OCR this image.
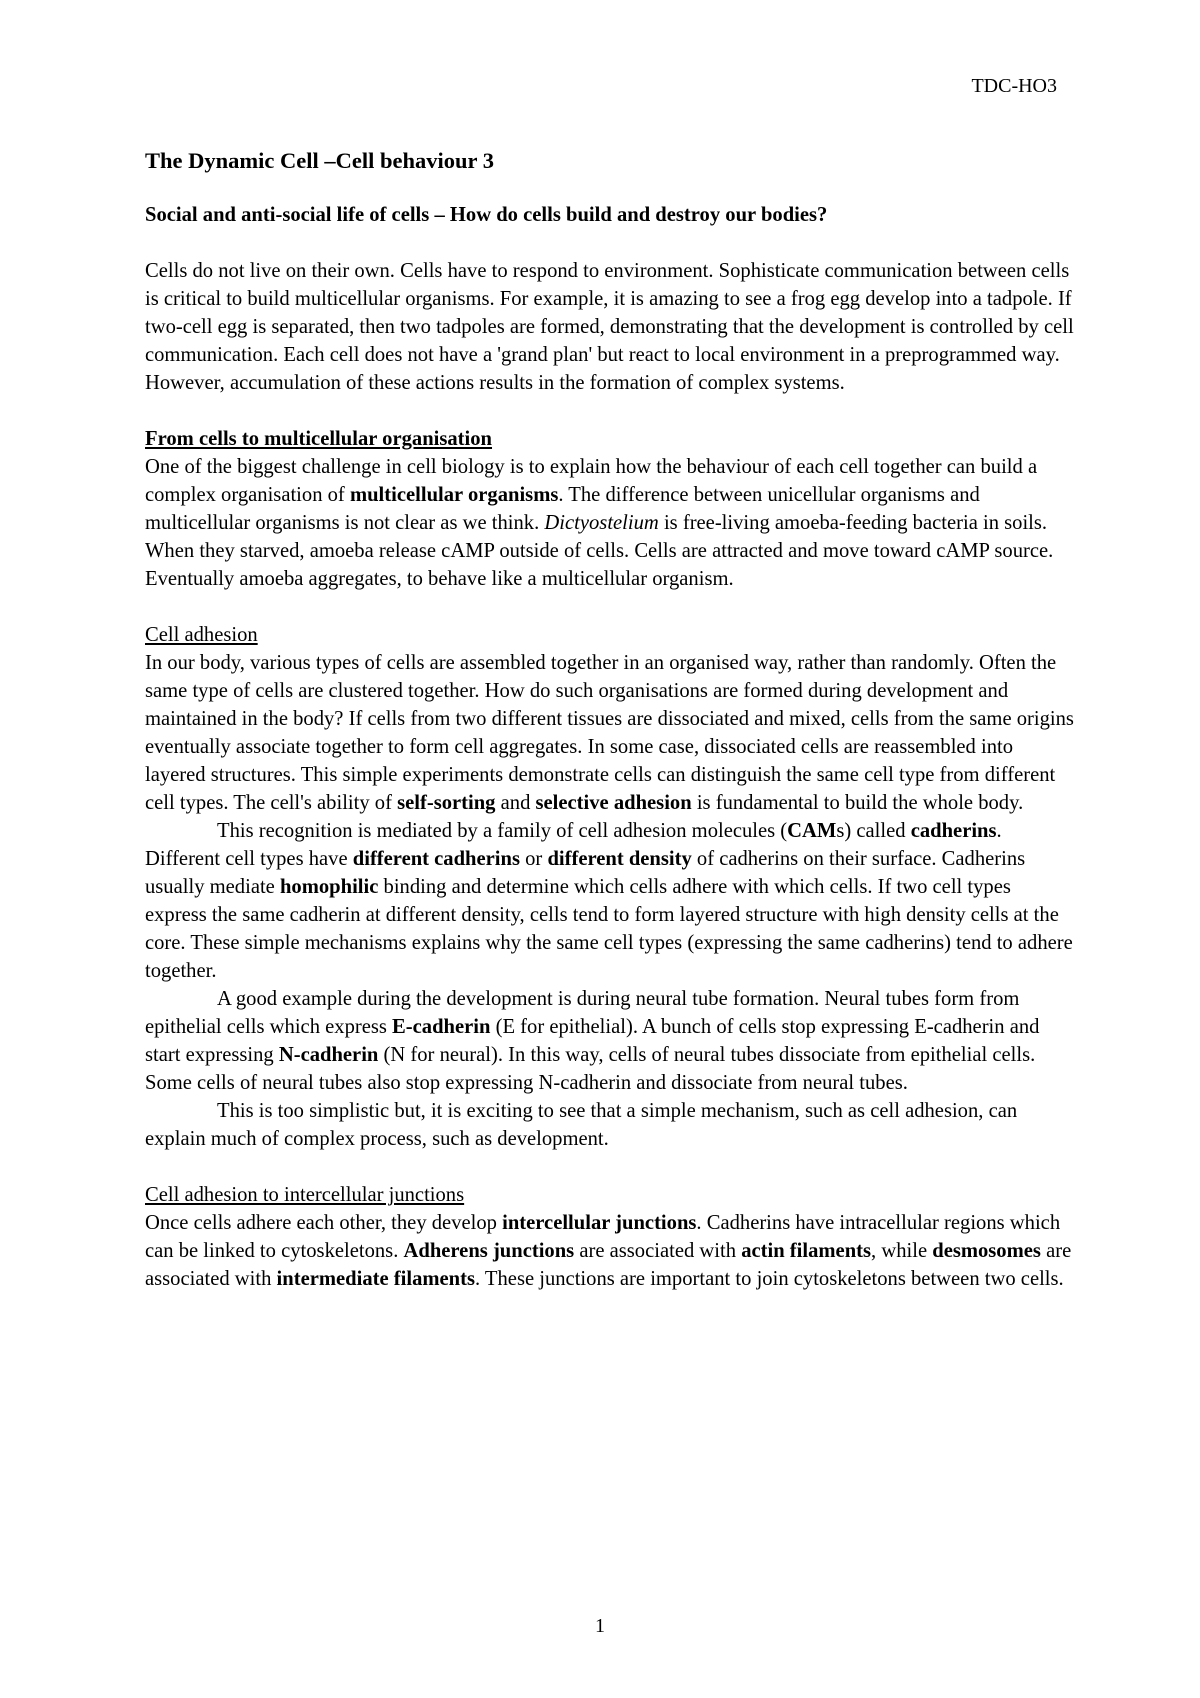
TDC-HO3
The Dynamic Cell –Cell behaviour 3
Social and anti-social life of cells – How do cells build and destroy our bodies?

Cells do not live on their own. Cells have to respond to environment. Sophisticate communication between cells is critical to build multicellular organisms. For example, it is amazing to see a frog egg develop into a tadpole. If two-cell egg is separated, then two tadpoles are formed, demonstrating that the development is controlled by cell communication. Each cell does not have a 'grand plan' but react to local environment in a preprogrammed way. However, accumulation of these actions results in the formation of complex systems.

From cells to multicellular organisation
One of the biggest challenge in cell biology is to explain how the behaviour of each cell together can build a complex organisation of multicellular organisms. The difference between unicellular organisms and multicellular organisms is not clear as we think. Dictyostelium is free-living amoeba-feeding bacteria in soils. When they starved, amoeba release cAMP outside of cells. Cells are attracted and move toward cAMP source. Eventually amoeba aggregates, to behave like a multicellular organism.

Cell adhesion
In our body, various types of cells are assembled together in an organised way, rather than randomly. Often the same type of cells are clustered together. How do such organisations are formed during development and maintained in the body? If cells from two different tissues are dissociated and mixed, cells from the same origins eventually associate together to form cell aggregates. In some case, dissociated cells are reassembled into layered structures. This simple experiments demonstrate cells can distinguish the same cell type from different cell types. The cell's ability of self-sorting and selective adhesion is fundamental to build the whole body.

This recognition is mediated by a family of cell adhesion molecules (CAMs) called cadherins. Different cell types have different cadherins or different density of cadherins on their surface. Cadherins usually mediate homophilic binding and determine which cells adhere with which cells. If two cell types express the same cadherin at different density, cells tend to form layered structure with high density cells at the core. These simple mechanisms explains why the same cell types (expressing the same cadherins) tend to adhere together.

A good example during the development is during neural tube formation. Neural tubes form from epithelial cells which express E-cadherin (E for epithelial). A bunch of cells stop expressing E-cadherin and start expressing N-cadherin (N for neural). In this way, cells of neural tubes dissociate from epithelial cells. Some cells of neural tubes also stop expressing N-cadherin and dissociate from neural tubes.

This is too simplistic but, it is exciting to see that a simple mechanism, such as cell adhesion, can explain much of complex process, such as development.

Cell adhesion to intercellular junctions
Once cells adhere each other, they develop intercellular junctions. Cadherins have intracellular regions which can be linked to cytoskeletons. Adherens junctions are associated with actin filaments, while desmosomes are associated with intermediate filaments. These junctions are important to join cytoskeletons between two cells.

1
